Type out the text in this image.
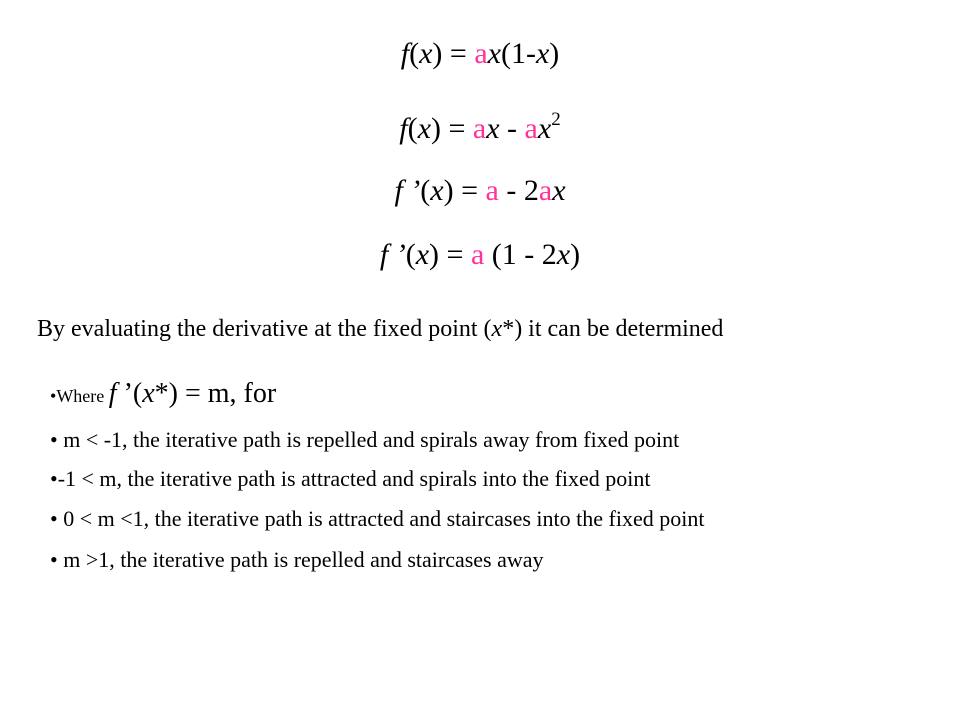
f(x) = ax(1-x)
f(x) = ax - $ax^2$
f ’(x) = a - 2ax
f ’(x) = a (1 - 2x)
By evaluating the derivative at the fixed point (x*) it can be determined
•Where f ’(x*) = m, for
• m < -1, the iterative path is repelled and spirals away from fixed point
•-1 < m, the iterative path is attracted and spirals into the fixed point
• 0 < m <1, the iterative path is attracted and staircases into the fixed point
• m >1, the iterative path is repelled and staircases away
